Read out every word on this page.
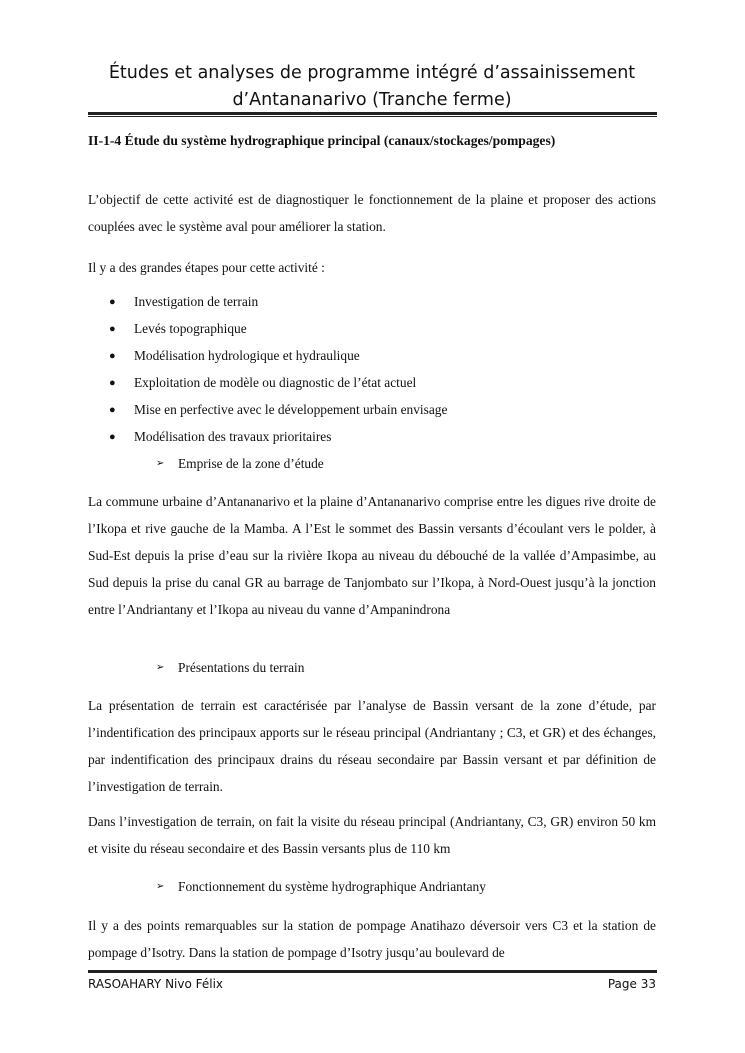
Études et analyses de programme intégré d’assainissement
d’Antananarivo (Tranche ferme)
II-1-4 Étude du système hydrographique principal (canaux/stockages/pompages)
L’objectif de cette activité est de diagnostiquer le fonctionnement de la plaine et proposer des actions couplées avec le système aval pour améliorer la station.
Il y a des grandes étapes pour cette activité :
● Investigation de terrain
● Levés topographique
● Modélisation hydrologique et hydraulique
● Exploitation de modèle ou diagnostic de l’état actuel
● Mise en perfective avec le développement urbain envisage
● Modélisation des travaux prioritaires
➢ Emprise de la zone d’étude
La commune urbaine d’Antananarivo et la plaine d’Antananarivo comprise entre les digues rive droite de l’Ikopa et rive gauche de la Mamba. A l’Est le sommet des Bassin versants d’écoulant vers le polder, à Sud-Est depuis la prise d’eau sur la rivière Ikopa au niveau du débouché de la vallée d’Ampasimbe, au Sud depuis la prise du canal GR au barrage de Tanjombato sur l’Ikopa, à Nord-Ouest jusqu’à la jonction entre l’Andriantany et l’Ikopa au niveau du vanne d’Ampanindrona
➢ Présentations du terrain
La présentation de terrain est caractérisée par l’analyse de Bassin versant de la zone d’étude, par l’indentification des principaux apports sur le réseau principal (Andriantany ; C3, et GR) et des échanges, par indentification des principaux drains du réseau secondaire par Bassin versant et par définition de l’investigation de terrain.
Dans l’investigation de terrain, on fait la visite du réseau principal (Andriantany, C3, GR) environ 50 km et visite du réseau secondaire et des Bassin versants plus de 110 km
➢ Fonctionnement du système hydrographique Andriantany
Il y a des points remarquables sur la station de pompage Anatihazo déversoir vers C3 et la station de pompage d’Isotry. Dans la station de pompage d’Isotry jusqu’au boulevard de
RASOAHARY Nivo Félix	Page 33
